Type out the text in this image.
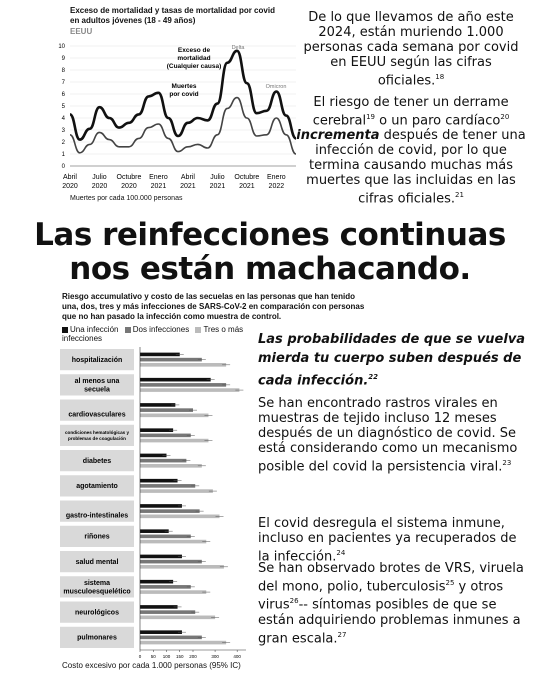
Exceso de mortalidad y tasas de mortalidad por covid en adultos jóvenes (18 - 49 años)
EEUU
10
9
8
7
6
5
4
3
2
1
0
Abril 2020
Julio 2020
Octubre 2020
Enero 2021
Abril 2021
Julio 2021
Octubre 2021
Enero 2022
Exceso de mortalidad (Cualquier causa)
Muertes por covid
Delta
Omicron
Muertes por cada 100.000 personas
De lo que llevamos de año este 2024, están muriendo 1.000 personas cada semana por covid en EEUU según las cifras oficiales.$^{18}$
El riesgo de tener un derrame cerebral$^{19}$ o un paro cardíaco$^{20}$ incrementa después de tener una infección de covid, por lo que termina causando muchas más muertes que las incluidas en las cifras oficiales.$^{21}$
Las reinfecciones continuas nos están machacando.
Riesgo accumulativo y costo de las secuelas en las personas que han tenido una, dos, tres y más infecciones de SARS-CoV-2 en comparación con personas que no han pasado la infección como muestra de control.
Una infección Dos infecciones Tres o más infecciones
hospitalización
al menos una secuela
cardiovasculares
condiciones hematológicas y problemas de coagulación
diabetes
agotamiento
gastro-intestinales
riñones
salud mental
sistema musculoesquelético
neurológicos
pulmonares
0 50 100 150 200	300	400
Costo excesivo por cada 1.000 personas (95% IC)
Las probabilidades de que se vuelva mierda tu cuerpo suben después de cada infección.$^{22}$
Se han encontrado rastros virales en muestras de tejido incluso 12 meses después de un diagnóstico de covid. Se está considerando como un mecanismo posible del covid la persistencia viral.$^{23}$
El covid desregula el sistema inmune, incluso en pacientes ya recuperados de la infección.$^{24}$
Se han observado brotes de VRS, viruela del mono, polio, tuberculosis$^{25}$ y otros virus$^{26}$-- síntomas posibles de que se están adquiriendo problemas inmunes a gran escala.$^{27}$
